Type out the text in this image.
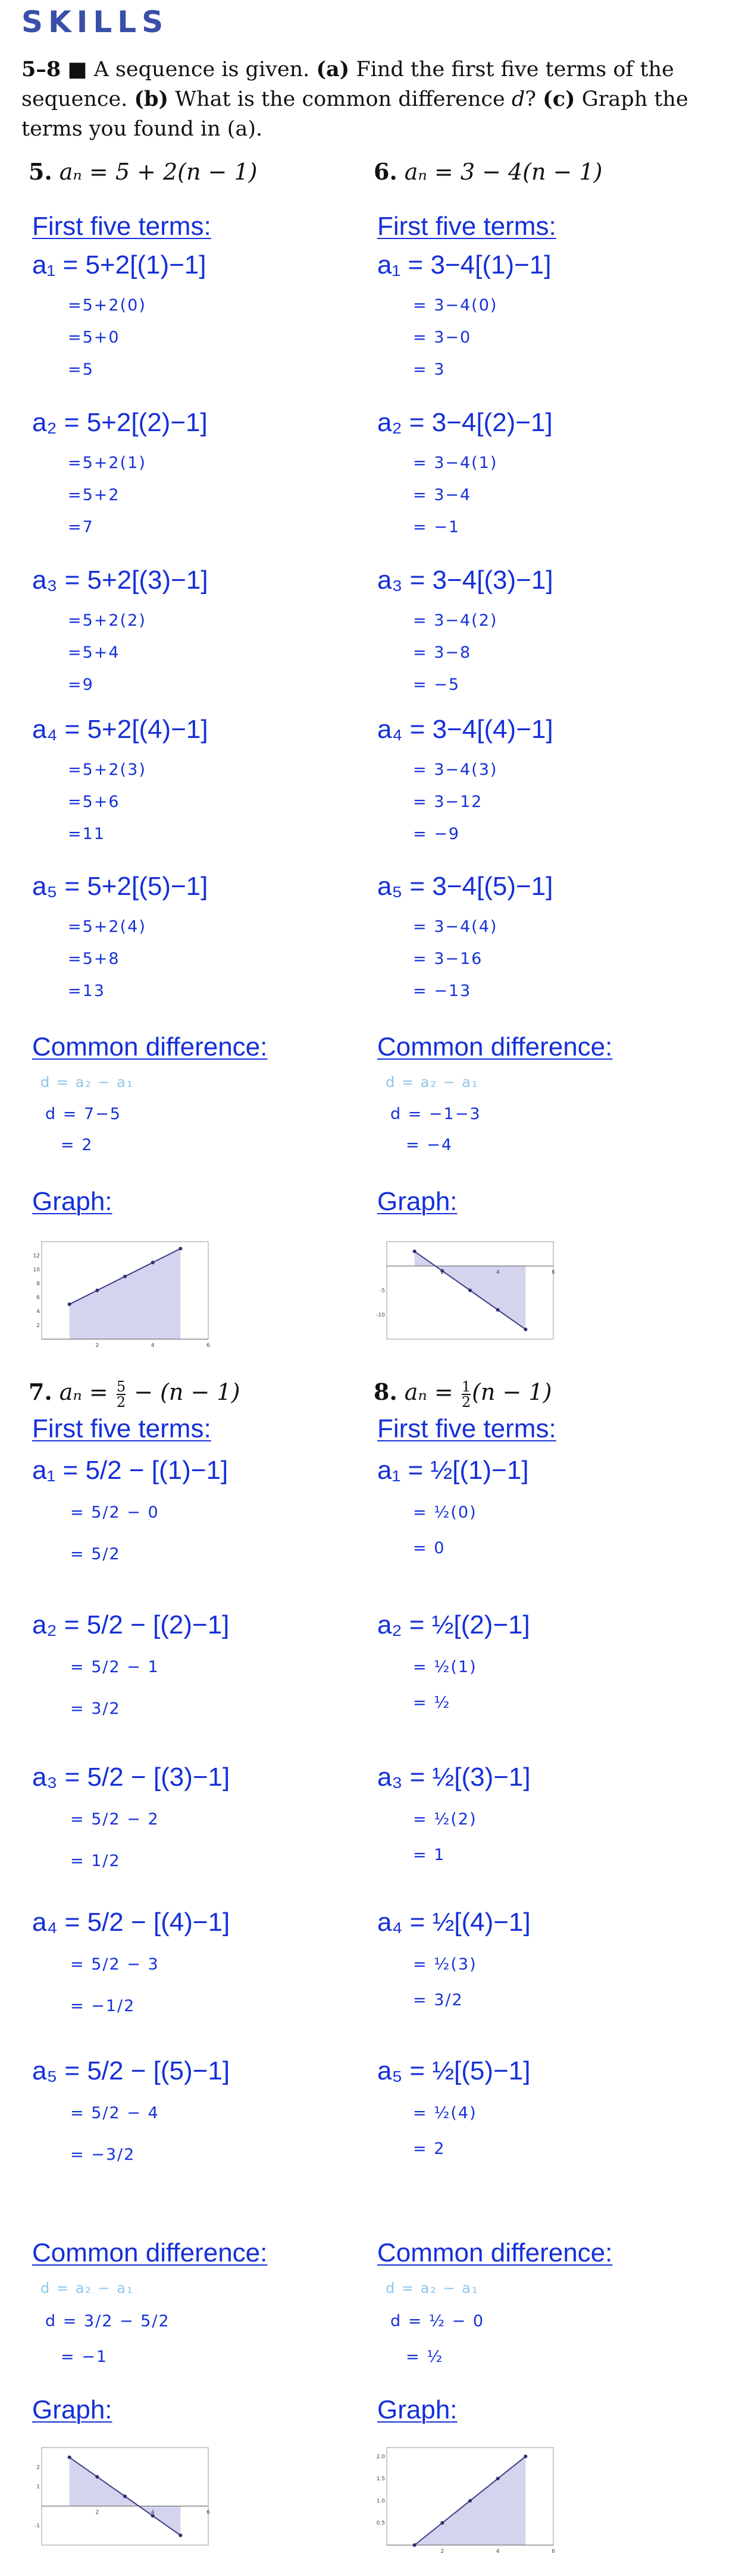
SKILLS
5–8 ■ A sequence is given. (a) Find the first five terms of the sequence. (b) What is the common difference d? (c) Graph the terms you found in (a).
5. aₙ = 5 + 2(n − 1)
First five terms:
a₁ = 5+2[(1)−1]
=5+2(0)
=5+0
=5
a₂ = 5+2[(2)−1]
=5+2(1)
=5+2
=7
a₃ = 5+2[(3)−1]
=5+2(2)
=5+4
=9
a₄ = 5+2[(4)−1]
=5+2(3)
=5+6
=11
a₅ = 5+2[(5)−1]
=5+2(4)
=5+8
=13
Common difference:
d = a₂ − a₁
d = 7−5
= 2
Graph:
2	4	6
2
4
6
8
10
12
6. aₙ = 3 − 4(n − 1)
First five terms:
a₁ = 3−4[(1)−1]
= 3−4(0)
= 3−0
= 3
a₂ = 3−4[(2)−1]
= 3−4(1)
= 3−4
= −1
a₃ = 3−4[(3)−1]
= 3−4(2)
= 3−8
= −5
a₄ = 3−4[(4)−1]
= 3−4(3)
= 3−12
= −9
a₅ = 3−4[(5)−1]
= 3−4(4)
= 3−16
= −13
Common difference:
d = a₂ − a₁
d = −1−3
= −4
Graph:
2	4	6
-5
-10
7. $a_n = \frac{5}{2} - (n - 1)$
First five terms:
a₁ = 5/2 − [(1)−1]
= 5/2 − 0
= 5/2
a₂ = 5/2 − [(2)−1]
= 5/2 − 1
= 3/2
a₃ = 5/2 − [(3)−1]
= 5/2 − 2
= 1/2
a₄ = 5/2 − [(4)−1]
= 5/2 − 3
= −1/2
a₅ = 5/2 − [(5)−1]
= 5/2 − 4
= −3/2
Common difference:
d = a₂ − a₁
d = 3/2 − 5/2
= −1
Graph:
2	4	6
2
1
-1
8. $a_n = \frac{1}{2} (n - 1)$
First five terms:
a₁ = ½[(1)−1]
= ½(0)
= 0
a₂ = ½[(2)−1]
= ½(1)
= ½
a₃ = ½[(3)−1]
= ½(2)
= 1
a₄ = ½[(4)−1]
= ½(3)
= 3/2
a₅ = ½[(5)−1]
= ½(4)
= 2
Common difference:
d = a₂ − a₁
d = ½ − 0
= ½
Graph:
2	4	6
2.0
1.5
1.0
0.5
